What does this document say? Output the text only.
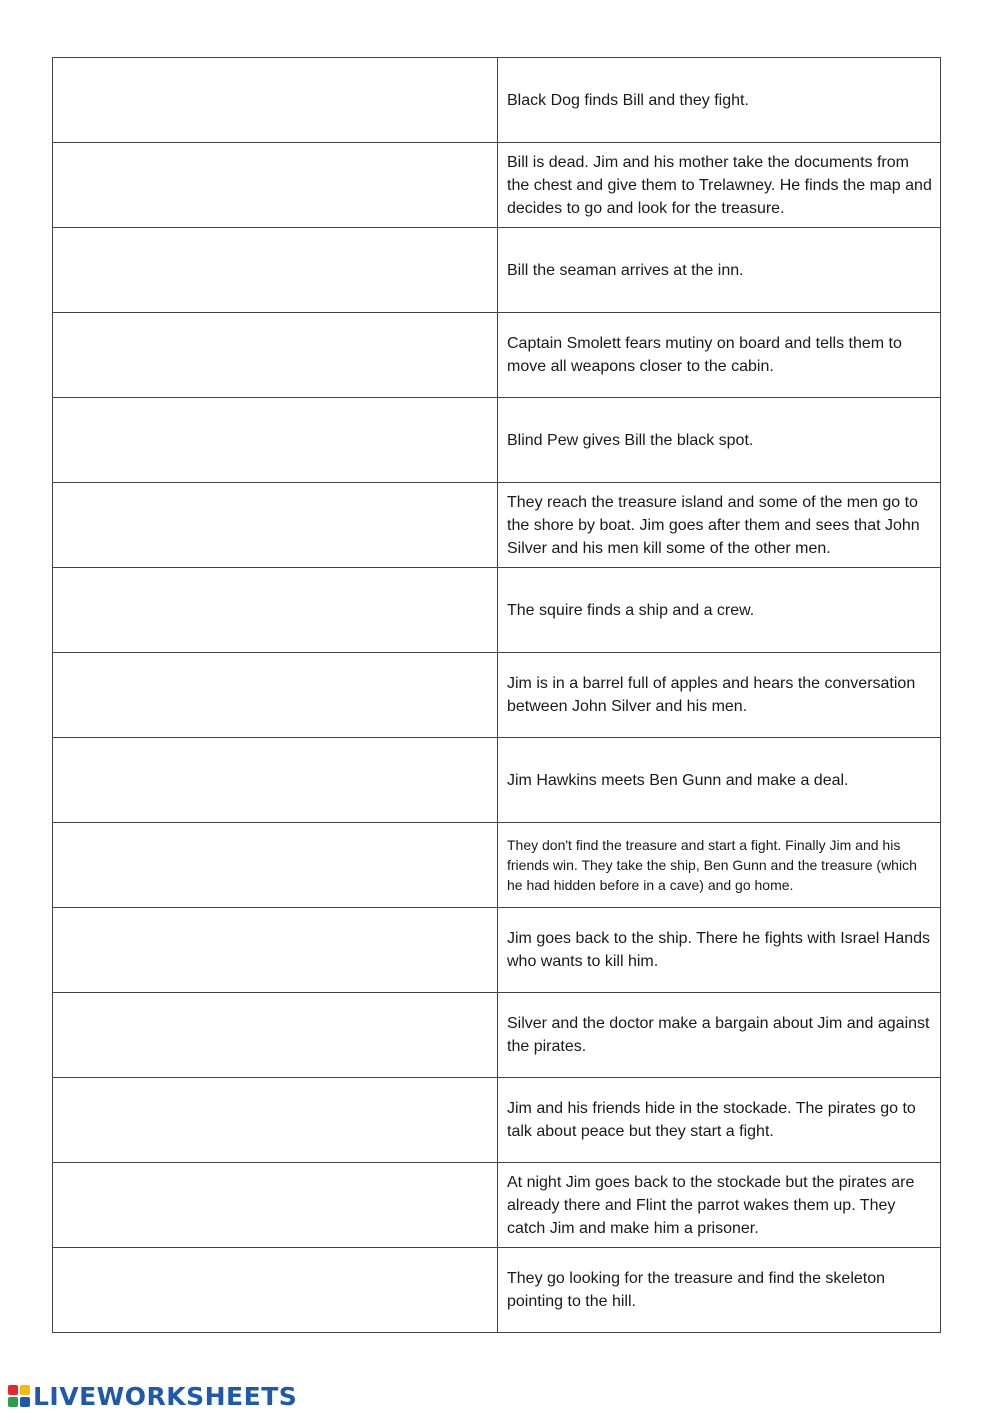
	Black Dog finds Bill and they fight.
	Bill is dead. Jim and his mother take the documents from the chest and give them to Trelawney. He finds the map and decides to go and look for the treasure.
	Bill the seaman arrives at the inn.
	Captain Smolett fears mutiny on board and tells them to move all weapons closer to the cabin.
	Blind Pew gives Bill the black spot.
	They reach the treasure island and some of the men go to the shore by boat. Jim goes after them and sees that John Silver and his men kill some of the other men.
	The squire finds a ship and a crew.
	Jim is in a barrel full of apples and hears the conversation between John Silver and his men.
	Jim Hawkins meets Ben Gunn and make a deal.
	They don't find the treasure and start a fight. Finally Jim and his friends win. They take the ship, Ben Gunn and the treasure (which he had hidden before in a cave) and go home.
	Jim goes back to the ship. There he fights with Israel Hands who wants to kill him.
	Silver and the doctor make a bargain about Jim and against the pirates.
	Jim and his friends hide in the stockade. The pirates go to talk about peace but they start a fight.
	At night Jim goes back to the stockade but the pirates are already there and Flint the parrot wakes them up. They catch Jim and make him a prisoner.
	They go looking for the treasure and find the skeleton pointing to the hill.
LIVEWORKSHEETS
